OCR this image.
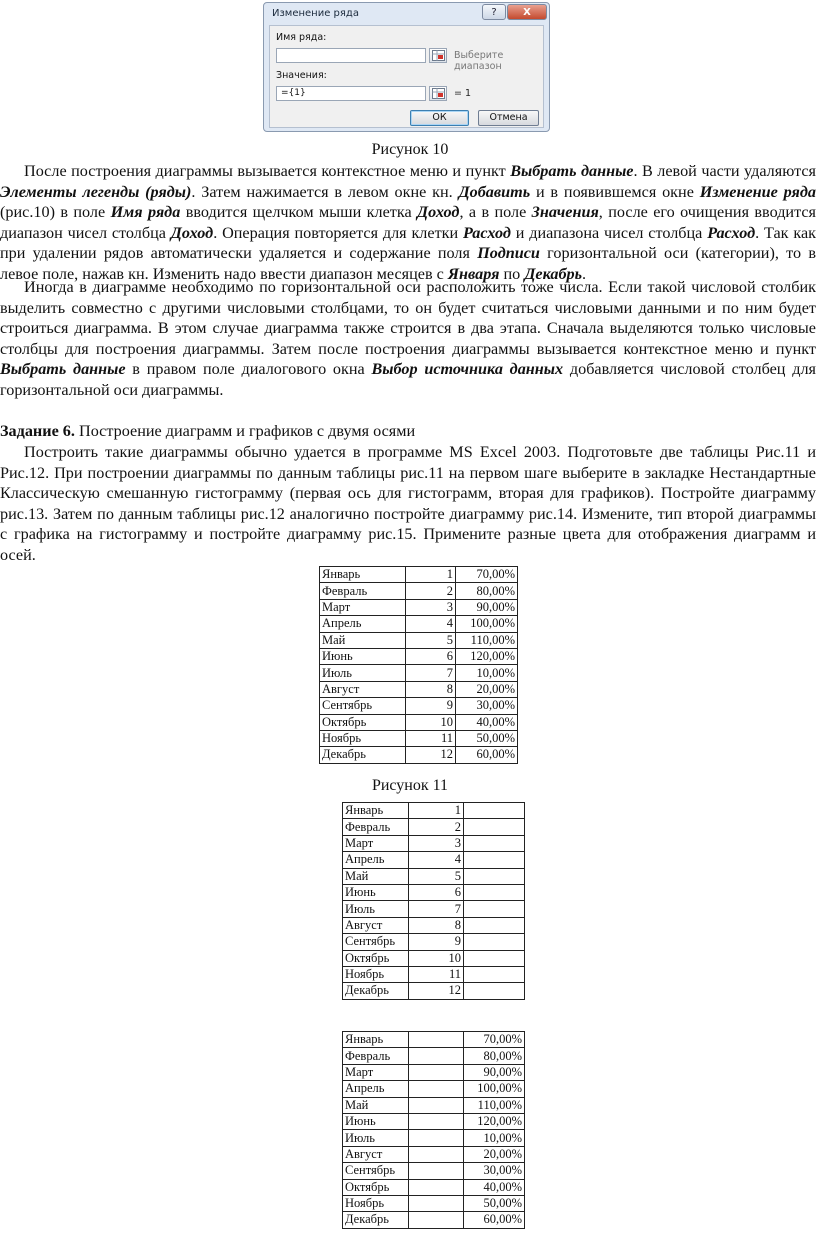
Изменение ряда	?	X
Имя ряда:
Выберите диапазон
Значения:
={1}	= 1
ОК	Отмена
Рисунок 10

После построения диаграммы вызывается контекстное меню и пункт Выбрать данные. В левой части удаляются Элементы легенды (ряды). Затем нажимается в левом окне кн. Добавить и в появившемся окне Изменение ряда (рис.10) в поле Имя ряда вводится щелчком мыши клетка Доход, а в поле Значения, после его очищения вводится диапазон чисел столбца Доход. Операция повторяется для клетки Расход и диапазона чисел столбца Расход. Так как при удалении рядов автоматически удаляется и содержание поля Подписи горизонтальной оси (категории), то в левое поле, нажав кн. Изменить надо ввести диапазон месяцев с Января по Декабрь.

Иногда в диаграмме необходимо по горизонтальной оси расположить тоже числа. Если такой числовой столбик выделить совместно с другими числовыми столбцами, то он будет считаться числовыми данными и по ним будет строиться диаграмма. В этом случае диаграмма также строится в два этапа. Сначала выделяются только числовые столбцы для построения диаграммы. Затем после построения диаграммы вызывается контекстное меню и пункт Выбрать данные в правом поле диалогового окна Выбор источника данных добавляется числовой столбец для горизонтальной оси диаграммы.

Задание 6. Построение диаграмм и графиков с двумя осями

Построить такие диаграммы обычно удается в программе MS Excel 2003. Подготовьте две таблицы Рис.11 и Рис.12. При построении диаграммы по данным таблицы рис.11 на первом шаге выберите в закладке Нестандартные Классическую смешанную гистограмму (первая ось для гистограмм, вторая для графиков). Постройте диаграмму рис.13. Затем по данным таблицы рис.12 аналогично постройте диаграмму рис.14. Измените, тип второй диаграммы с графика на гистограмму и постройте диаграмму рис.15. Примените разные цвета для отображения диаграмм и осей.

Январь	1	70,00%
Февраль	2	80,00%
Март	3	90,00%
Апрель	4	100,00%
Май	5	110,00%
Июнь	6	120,00%
Июль	7	10,00%
Август	8	20,00%
Сентябрь	9	30,00%
Октябрь	10	40,00%
Ноябрь	11	50,00%
Декабрь	12	60,00%
Рисунок 11
Январь	1	
Февраль	2	
Март	3	
Апрель	4	
Май	5	
Июнь	6	
Июль	7	
Август	8	
Сентябрь	9	
Октябрь	10	
Ноябрь	11	
Декабрь	12	
Январь		70,00%
Февраль		80,00%
Март		90,00%
Апрель		100,00%
Май		110,00%
Июнь		120,00%
Июль		10,00%
Август		20,00%
Сентябрь		30,00%
Октябрь		40,00%
Ноябрь		50,00%
Декабрь		60,00%
